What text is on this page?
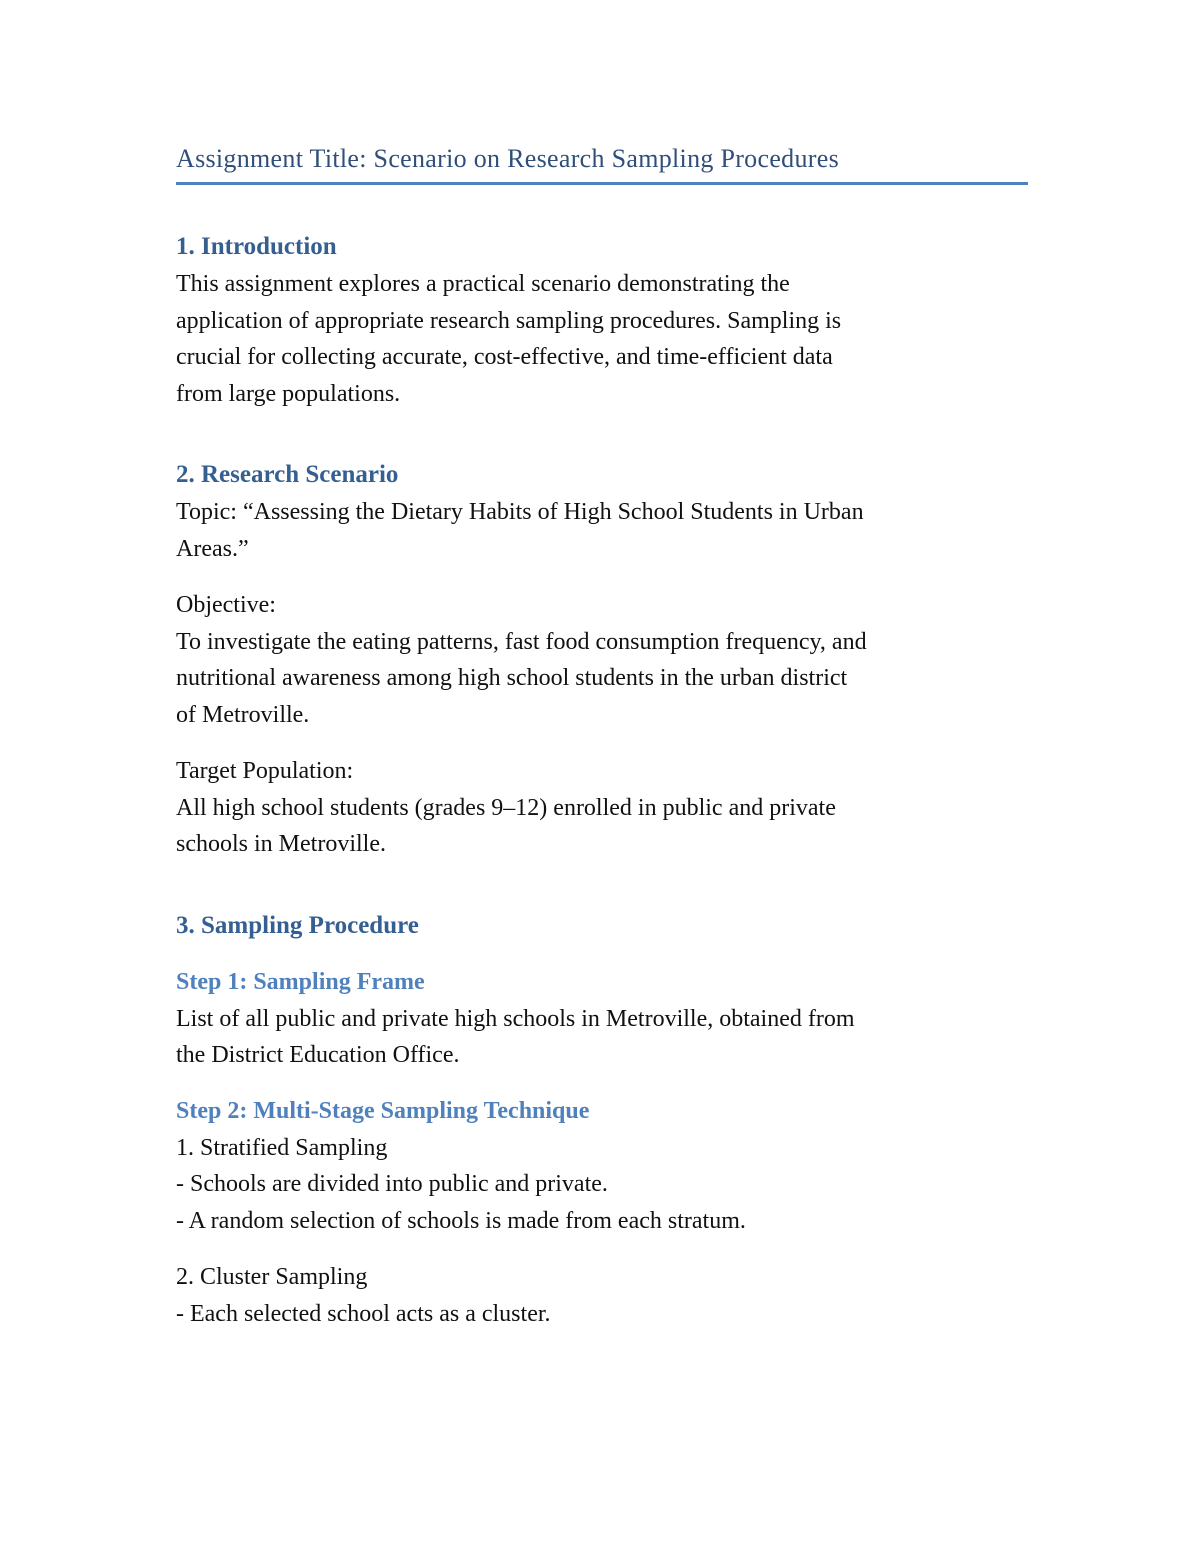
Assignment Title: Scenario on Research Sampling Procedures
1. Introduction
This assignment explores a practical scenario demonstrating the
application of appropriate research sampling procedures. Sampling is
crucial for collecting accurate, cost-effective, and time-efficient data
from large populations.
2. Research Scenario
Topic: “Assessing the Dietary Habits of High School Students in Urban
Areas.”
Objective:
To investigate the eating patterns, fast food consumption frequency, and
nutritional awareness among high school students in the urban district
of Metroville.
Target Population:
All high school students (grades 9–12) enrolled in public and private
schools in Metroville.
3. Sampling Procedure
Step 1: Sampling Frame
List of all public and private high schools in Metroville, obtained from
the District Education Office.
Step 2: Multi-Stage Sampling Technique
1. Stratified Sampling
- Schools are divided into public and private.
- A random selection of schools is made from each stratum.
2. Cluster Sampling
- Each selected school acts as a cluster.
